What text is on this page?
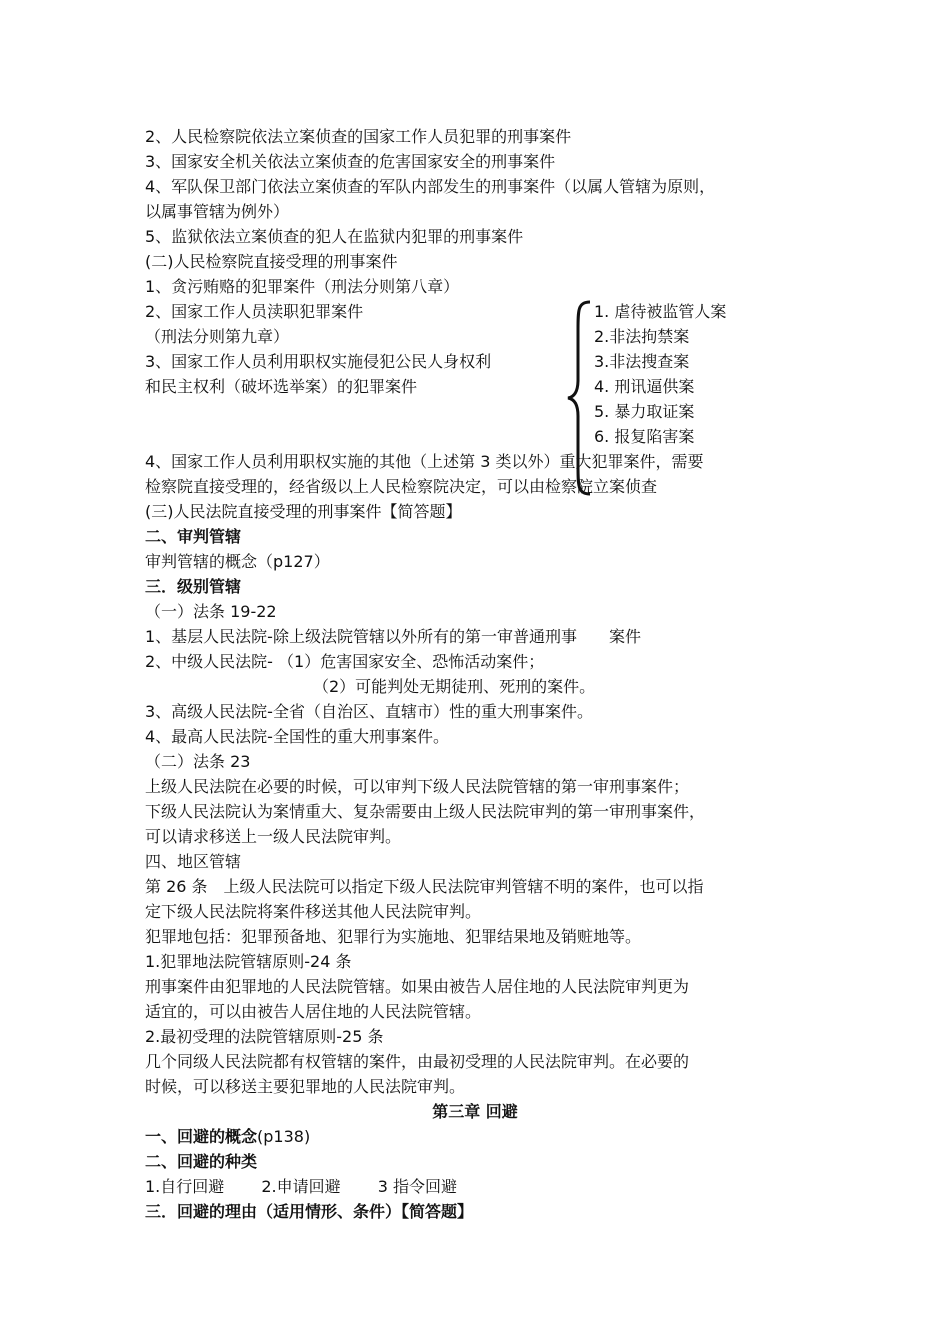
2、人民检察院依法立案侦查的国家工作人员犯罪的刑事案件
3、国家安全机关依法立案侦查的危害国家安全的刑事案件
4、军队保卫部门依法立案侦查的军队内部发生的刑事案件（以属人管辖为原则，
以属事管辖为例外）
5、监狱依法立案侦查的犯人在监狱内犯罪的刑事案件
(二)人民检察院直接受理的刑事案件
1、贪污贿赂的犯罪案件（刑法分则第八章）
2、国家工作人员渎职犯罪案件
（刑法分则第九章）
3、国家工作人员利用职权实施侵犯公民人身权利
和民主权利（破坏选举案）的犯罪案件
1. 虐待被监管人案
2.非法拘禁案
3.非法搜查案
4. 刑讯逼供案
5. 暴力取证案
6. 报复陷害案
4、国家工作人员利用职权实施的其他（上述第 3 类以外）重大犯罪案件，需要
检察院直接受理的，经省级以上人民检察院决定，可以由检察院立案侦查
(三)人民法院直接受理的刑事案件【简答题】
二、审判管辖
审判管辖的概念（p127）
三．级别管辖
（一）法条 19-22
1、基层人民法院-除上级法院管辖以外所有的第一审普通刑事　　案件
2、中级人民法院- （1）危害国家安全、恐怖活动案件；
（2）可能判处无期徒刑、死刑的案件。
3、高级人民法院-全省（自治区、直辖市）性的重大刑事案件。
4、最高人民法院-全国性的重大刑事案件。
（二）法条 23
上级人民法院在必要的时候，可以审判下级人民法院管辖的第一审刑事案件；
下级人民法院认为案情重大、复杂需要由上级人民法院审判的第一审刑事案件，
可以请求移送上一级人民法院审判。
四、地区管辖
第 26 条　上级人民法院可以指定下级人民法院审判管辖不明的案件，也可以指
定下级人民法院将案件移送其他人民法院审判。
犯罪地包括：犯罪预备地、犯罪行为实施地、犯罪结果地及销赃地等。
1.犯罪地法院管辖原则-24 条
刑事案件由犯罪地的人民法院管辖。如果由被告人居住地的人民法院审判更为
适宜的，可以由被告人居住地的人民法院管辖。
2.最初受理的法院管辖原则-25 条
几个同级人民法院都有权管辖的案件，由最初受理的人民法院审判。在必要的
时候，可以移送主要犯罪地的人民法院审判。
第三章 回避
一、回避的概念(p138)
二、回避的种类
1.自行回避　　 2.申请回避　　 3 指令回避
三．回避的理由（适用情形、条件）【简答题】
